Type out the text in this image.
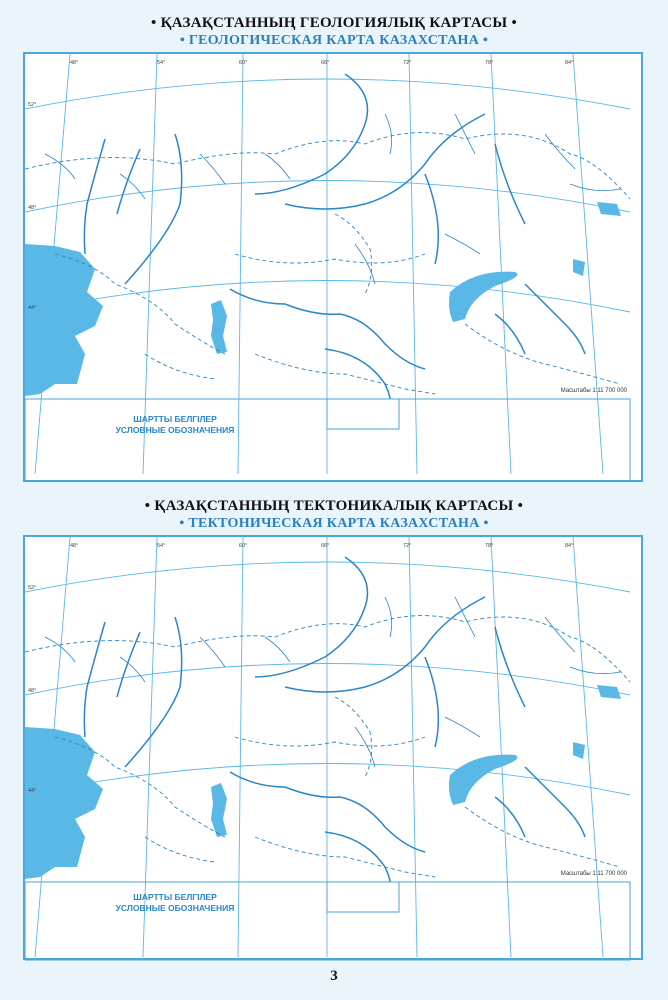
• ҚАЗАҚСТАННЫҢ ГЕОЛОГИЯЛЫҚ КАРТАСЫ •
• ГЕОЛОГИЧЕСКАЯ КАРТА КАЗАХСТАНА •
48°	54°	60°	66°	72°	78°	84°
52°
48°
44°
ШАРТТЫ БЕЛГІЛЕР
УСЛОВНЫЕ ОБОЗНАЧЕНИЯ
Масштабы 1:11 700 000
• ҚАЗАҚСТАННЫҢ ТЕКТОНИКАЛЫҚ КАРТАСЫ •
• ТЕКТОНИЧЕСКАЯ КАРТА КАЗАХСТАНА •
48°	54°	60°	66°	72°	78°	84°
52°
48°
44°
ШАРТТЫ БЕЛГІЛЕР
УСЛОВНЫЕ ОБОЗНАЧЕНИЯ
Масштабы 1:11 700 000
3
